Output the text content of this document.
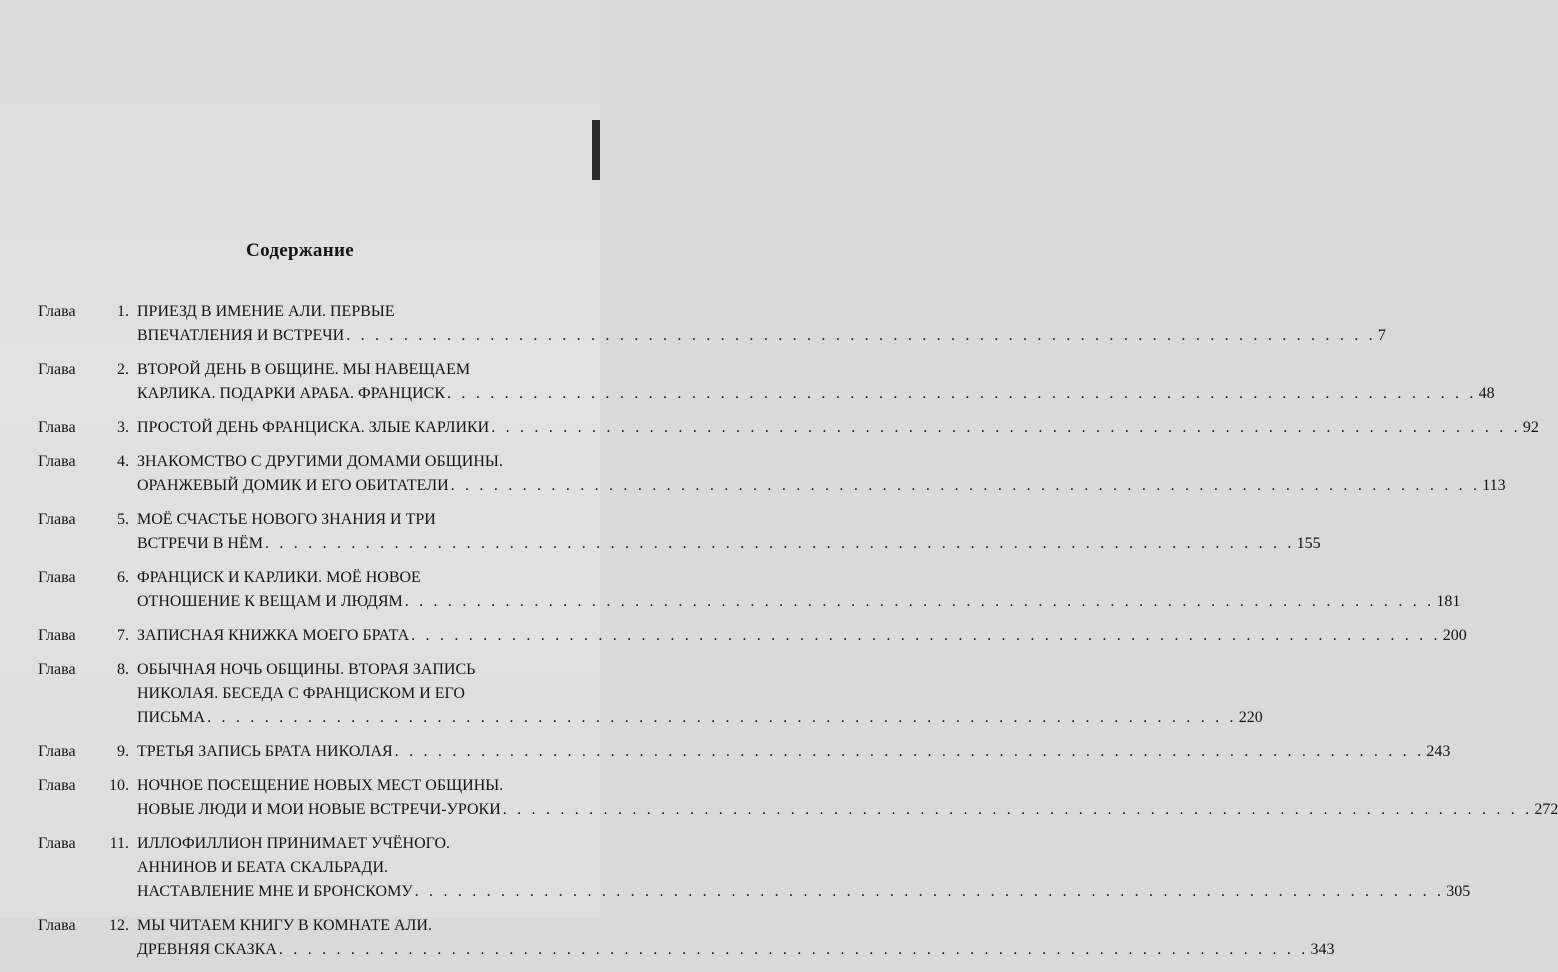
Содержание
Глава	1. ПРИЕЗД В ИМЕНИЕ АЛИ. ПЕРВЫЕ
ВПЕЧАТЛЕНИЯ И ВСТРЕЧИ . . .	7
Глава	2. ВТОРОЙ ДЕНЬ В ОБЩИНЕ. МЫ НАВЕЩАЕМ
КАРЛИКА. ПОДАРКИ АРАБА. ФРАНЦИСК . . .	48
Глава	3. ПРОСТОЙ ДЕНЬ ФРАНЦИСКА. ЗЛЫЕ КАРЛИКИ . . .	92
Глава	4. ЗНАКОМСТВО С ДРУГИМИ ДОМАМИ ОБЩИНЫ.
ОРАНЖЕВЫЙ ДОМИК И ЕГО ОБИТАТЕЛИ . . .	113
Глава	5. МОЁ СЧАСТЬЕ НОВОГО ЗНАНИЯ И ТРИ
ВСТРЕЧИ В НЁМ . . .	155
Глава	6. ФРАНЦИСК И КАРЛИКИ. МОЁ НОВОЕ
ОТНОШЕНИЕ К ВЕЩАМ И ЛЮДЯМ . . .	181
Глава	7. ЗАПИСНАЯ КНИЖКА МОЕГО БРАТА . . .	200
Глава	8. ОБЫЧНАЯ НОЧЬ ОБЩИНЫ. ВТОРАЯ ЗАПИСЬ
НИКОЛАЯ. БЕСЕДА С ФРАНЦИСКОМ И ЕГО
ПИСЬМА . . .	220
Глава	9. ТРЕТЬЯ ЗАПИСЬ БРАТА НИКОЛАЯ . . .	243
Глава	10. НОЧНОЕ ПОСЕЩЕНИЕ НОВЫХ МЕСТ ОБЩИНЫ.
НОВЫЕ ЛЮДИ И МОИ НОВЫЕ ВСТРЕЧИ-УРОКИ . . .	272
Глава	11. ИЛЛОФИЛЛИОН ПРИНИМАЕТ УЧЁНОГО.
АННИНОВ И БЕАТА СКАЛЬРАДИ.
НАСТАВЛЕНИЕ МНЕ И БРОНСКОМУ . . .	305
Глава	12. МЫ ЧИТАЕМ КНИГУ В КОМНАТЕ АЛИ.
ДРЕВНЯЯ СКАЗКА . . .	343
